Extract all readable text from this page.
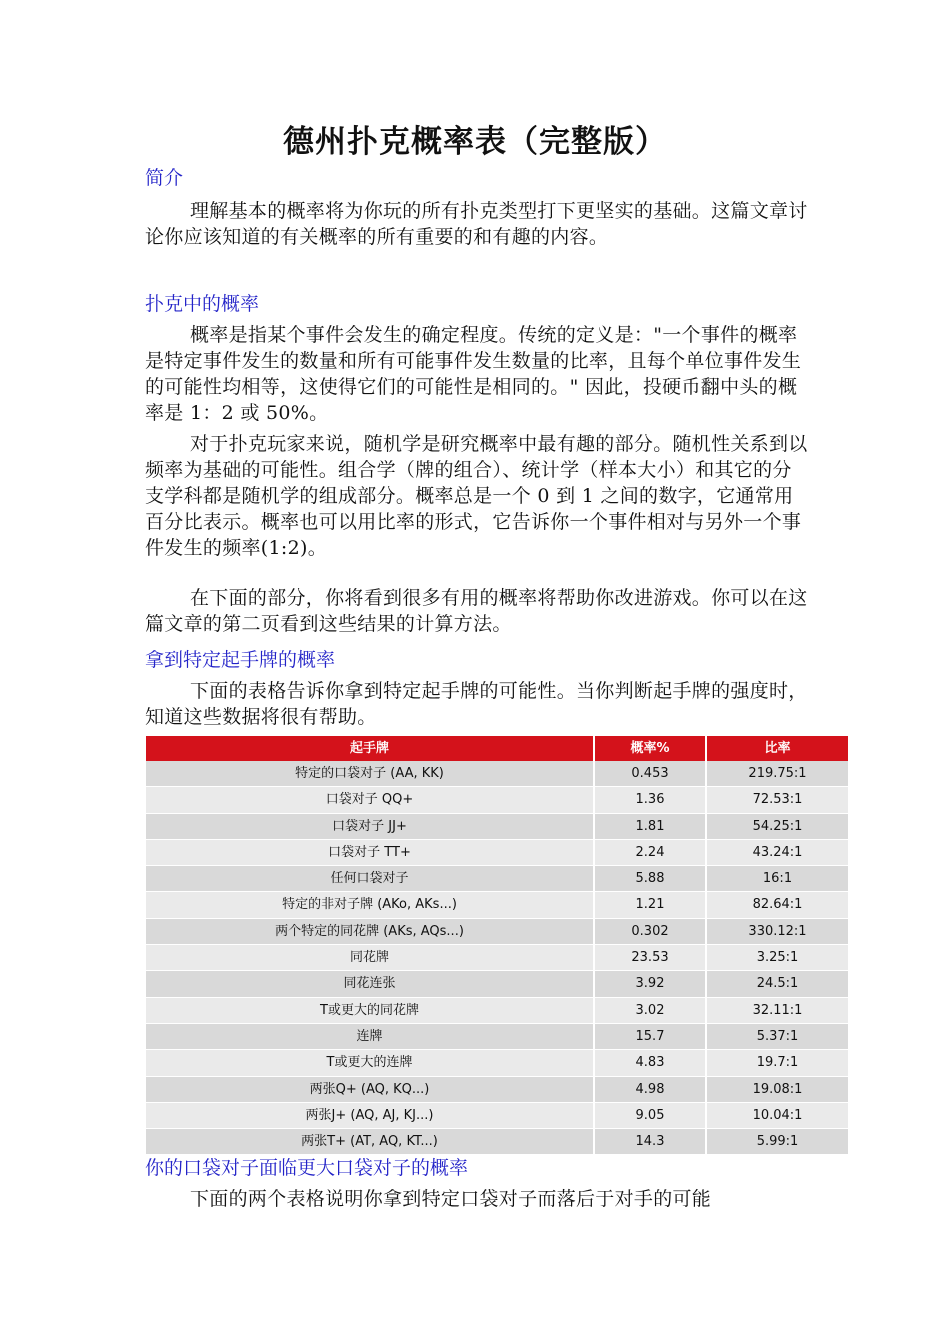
德州扑克概率表（完整版）
简介

理解基本的概率将为你玩的所有扑克类型打下更坚实的基础。这篇文章讨论你应该知道的有关概率的所有重要的和有趣的内容。

扑克中的概率

概率是指某个事件会发生的确定程度。传统的定义是："一个事件的概率是特定事件发生的数量和所有可能事件发生数量的比率，且每个单位事件发生的可能性均相等，这使得它们的可能性是相同的。" 因此，投硬币翻中头的概率是 1：2 或 50%。

对于扑克玩家来说，随机学是研究概率中最有趣的部分。随机性关系到以频率为基础的可能性。组合学（牌的组合）、统计学（样本大小）和其它的分支学科都是随机学的组成部分。概率总是一个 0 到 1 之间的数字，它通常用百分比表示。概率也可以用比率的形式，它告诉你一个事件相对与另外一个事件发生的频率(1:2)。

在下面的部分，你将看到很多有用的概率将帮助你改进游戏。你可以在这篇文章的第二页看到这些结果的计算方法。

拿到特定起手牌的概率

下面的表格告诉你拿到特定起手牌的可能性。当你判断起手牌的强度时，知道这些数据将很有帮助。

起手牌	概率%	比率
特定的口袋对子 (AA, KK)	0.453	219.75:1
口袋对子 QQ+	1.36	72.53:1
口袋对子 JJ+	1.81	54.25:1
口袋对子 TT+	2.24	43.24:1
任何口袋对子	5.88	16:1
特定的非对子牌 (AKo, AKs...)	1.21	82.64:1
两个特定的同花牌 (AKs, AQs...)	0.302	330.12:1
同花牌	23.53	3.25:1
同花连张	3.92	24.5:1
T或更大的同花牌	3.02	32.11:1
连牌	15.7	5.37:1
T或更大的连牌	4.83	19.7:1
两张Q+ (AQ, KQ...)	4.98	19.08:1
两张J+ (AQ, AJ, KJ...)	9.05	10.04:1
两张T+ (AT, AQ, KT...)	14.3	5.99:1
你的口袋对子面临更大口袋对子的概率

下面的两个表格说明你拿到特定口袋对子而落后于对手的可能
